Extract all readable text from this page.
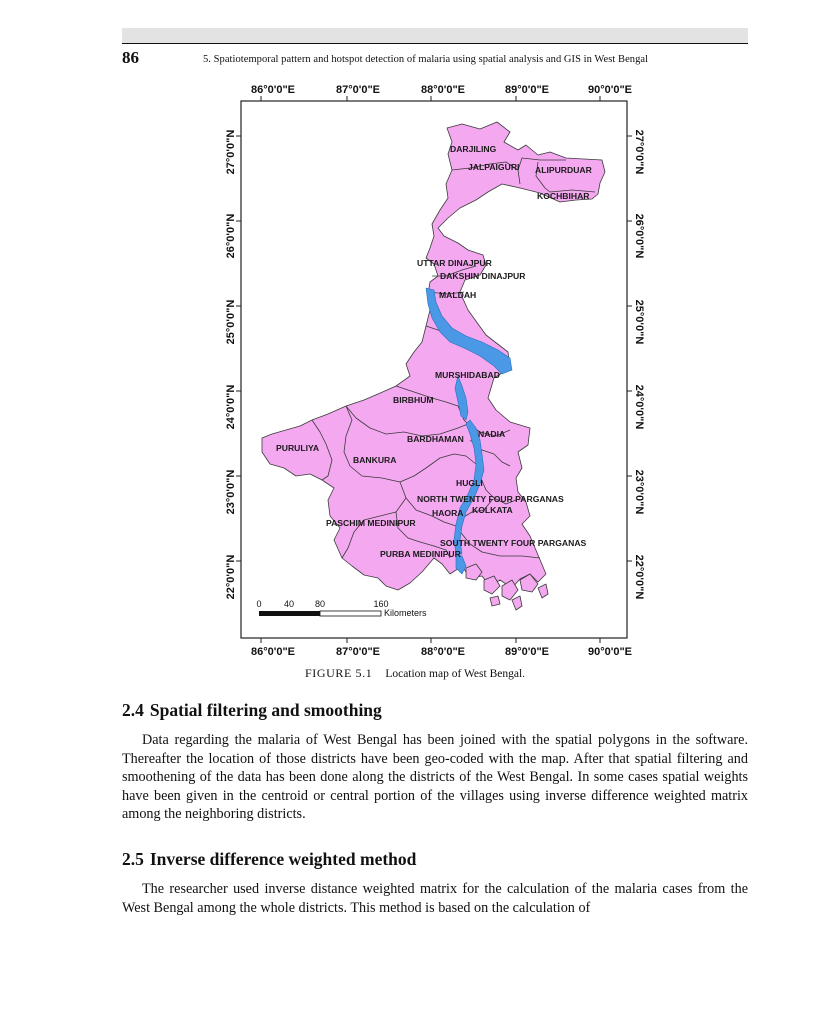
86	5. Spatiotemporal pattern and hotspot detection of malaria using spatial analysis and GIS in West Bengal
86°0'0"E	87°0'0"E	88°0'0"E	89°0'0"E	90°0'0"E
86°0'0"E	87°0'0"E	88°0'0"E	89°0'0"E	90°0'0"E
27°0'0"N
26°0'0"N
25°0'0"N
24°0'0"N
23°0'0"N
22°0'0"N
27°0'0"N
26°0'0"N
25°0'0"N
24°0'0"N
23°0'0"N
22°0'0"N
DARJILING
JALPAIGURI ALIPURDUAR
KOCHBIHAR
UTTAR DINAJPUR
DAKSHIN DINAJPUR
MALDAH
MURSHIDABAD
BIRBHUM
BARDHAMAN NADIA
PURULIYA
BANKURA
HUGLI
NORTH TWENTY FOUR PARGANAS
HAORA KOLKATA
PASCHIM MEDINIPUR
SOUTH TWENTY FOUR PARGANAS
PURBA MEDINIPUR
0 40 80	160
Kilometers
FIGURE 5.1 Location map of West Bengal.
2.4 Spatial filtering and smoothing

Data regarding the malaria of West Bengal has been joined with the spatial polygons in the software. Thereafter the location of those districts have been geo-coded with the map. After that spatial filtering and smoothening of the data has been done along the districts of the West Bengal. In some cases spatial weights have been given in the centroid or central portion of the villages using inverse difference weighted matrix among the neighboring districts.

2.5 Inverse difference weighted method

The researcher used inverse distance weighted matrix for the calculation of the malaria cases from the West Bengal among the whole districts. This method is based on the calculation of
